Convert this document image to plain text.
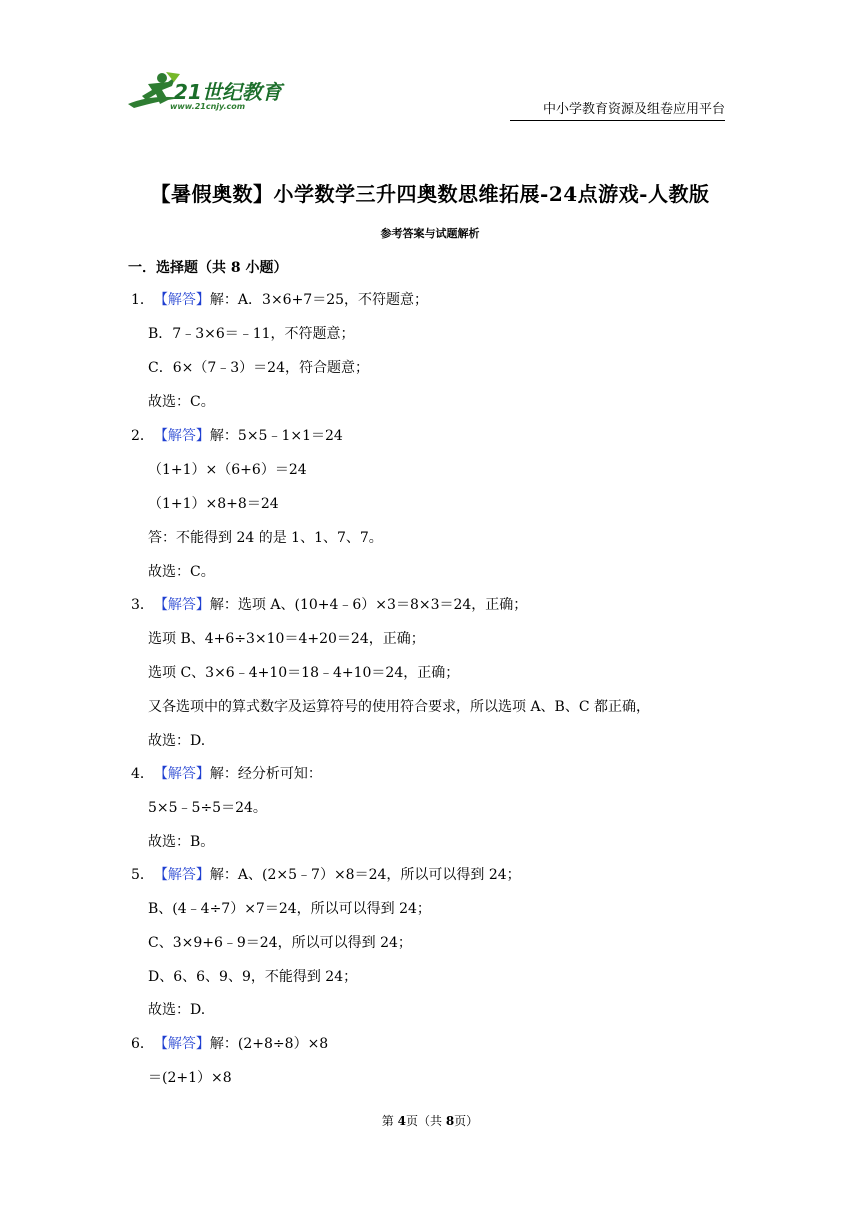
21世纪教育
www.21cnjy.com	中小学教育资源及组卷应用平台
【暑假奥数】小学数学三升四奥数思维拓展-24点游戏-人教版
参考答案与试题解析
一．选择题（共 8 小题）
1．【解答】解：A．3×6+7＝25，不符题意；
B．7﹣3×6＝﹣11，不符题意；
C．6×（7﹣3）＝24，符合题意；
故选：C。
2．【解答】解：5×5﹣1×1＝24
（1+1）×（6+6）＝24
（1+1）×8+8＝24
答：不能得到 24 的是 1、1、7、7。
故选：C。
3．【解答】解：选项 A、(10+4﹣6）×3＝8×3＝24，正确；
选项 B、4+6÷3×10＝4+20＝24，正确；
选项 C、3×6﹣4+10＝18﹣4+10＝24，正确；
又各选项中的算式数字及运算符号的使用符合要求，所以选项 A、B、C 都正确，
故选：D.
4．【解答】解：经分析可知：
5×5﹣5÷5＝24。
故选：B。
5．【解答】解：A、(2×5﹣7）×8＝24，所以可以得到 24；
B、(4﹣4÷7）×7＝24，所以可以得到 24；
C、3×9+6﹣9＝24，所以可以得到 24；
D、6、6、9、9，不能得到 24；
故选：D.
6．【解答】解：(2+8÷8）×8
＝(2+1）×8
第 4页（共 8页）
